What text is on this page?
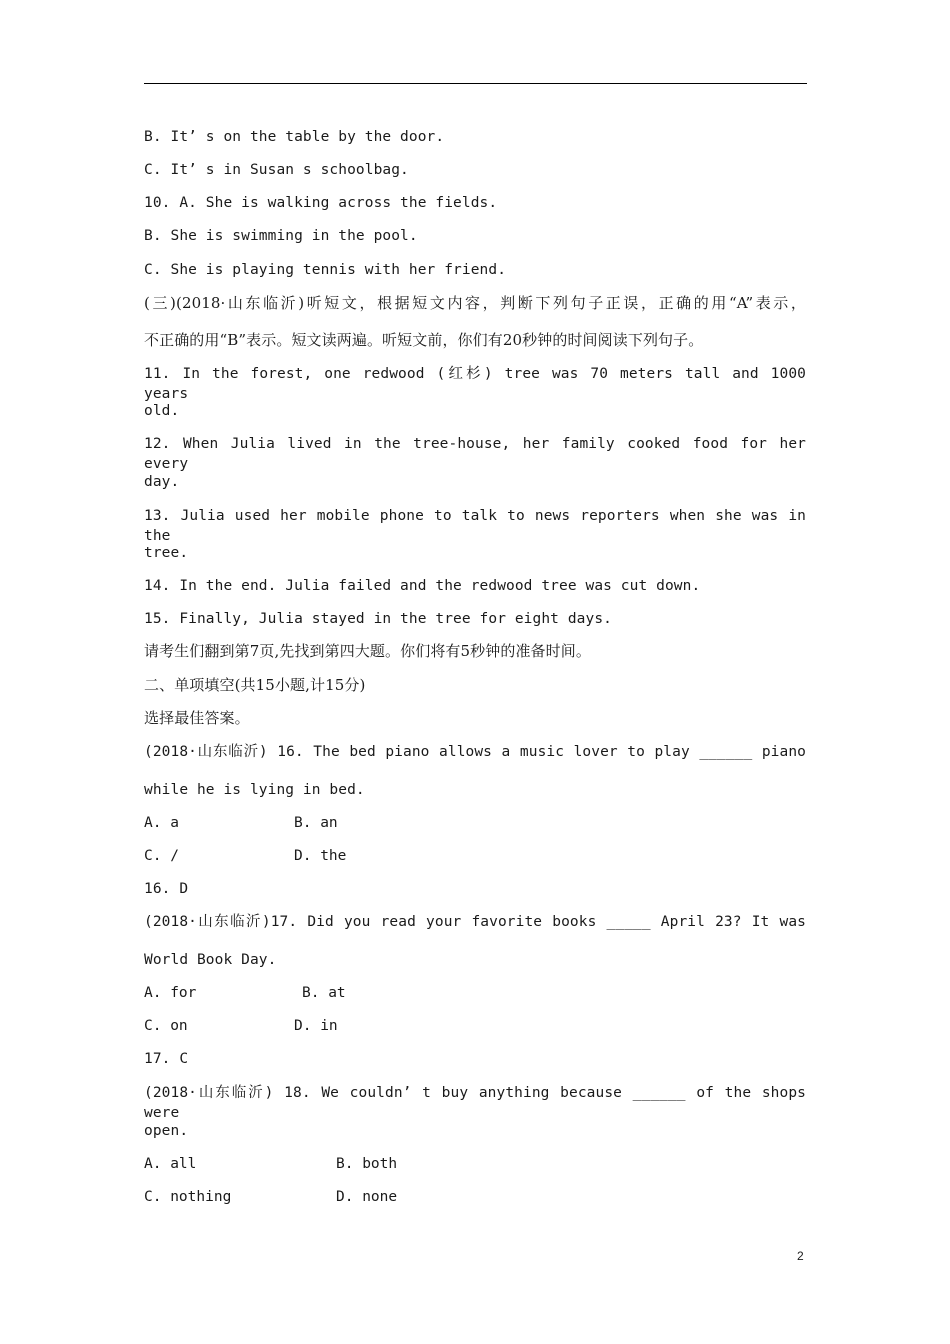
B. It’ s on the table by the door.
C. It’ s in Susan s schoolbag.
10. A. She is walking across the fields.
B. She is swimming in the pool.
C. She is playing tennis with her friend.
(三)(2018·山东临沂)听短文，根据短文内容，判断下列句子正误，正确的用“A”表示，
不正确的用“B”表示。短文读两遍。听短文前，你们有20秒钟的时间阅读下列句子。
11. In the forest, one redwood (红杉) tree was 70 meters tall and 1000 years
old.
12. When Julia lived in the tree-house, her family cooked food for her every
day.
13. Julia used her mobile phone to talk to news reporters when she was in the
tree.
14. In the end. Julia failed and the redwood tree was cut down.
15. Finally, Julia stayed in the tree for eight days.
请考生们翻到第7页,先找到第四大题。你们将有5秒钟的准备时间。
二、单项填空(共15小题,计15分)
选择最佳答案。
(2018·山东临沂) 16. The bed piano allows a music lover to play ______ piano
while he is lying in bed.
A. a	B. an
C. /	D. the
16. D
(2018·山东临沂)17. Did you read your favorite books _____ April 23? It was
World Book Day.
A. for	B. at
C. on	D. in
17. C
(2018·山东临沂) 18. We couldn’ t buy anything because ______ of the shops were
open.
A. all	B. both
C. nothing	D. none
2
